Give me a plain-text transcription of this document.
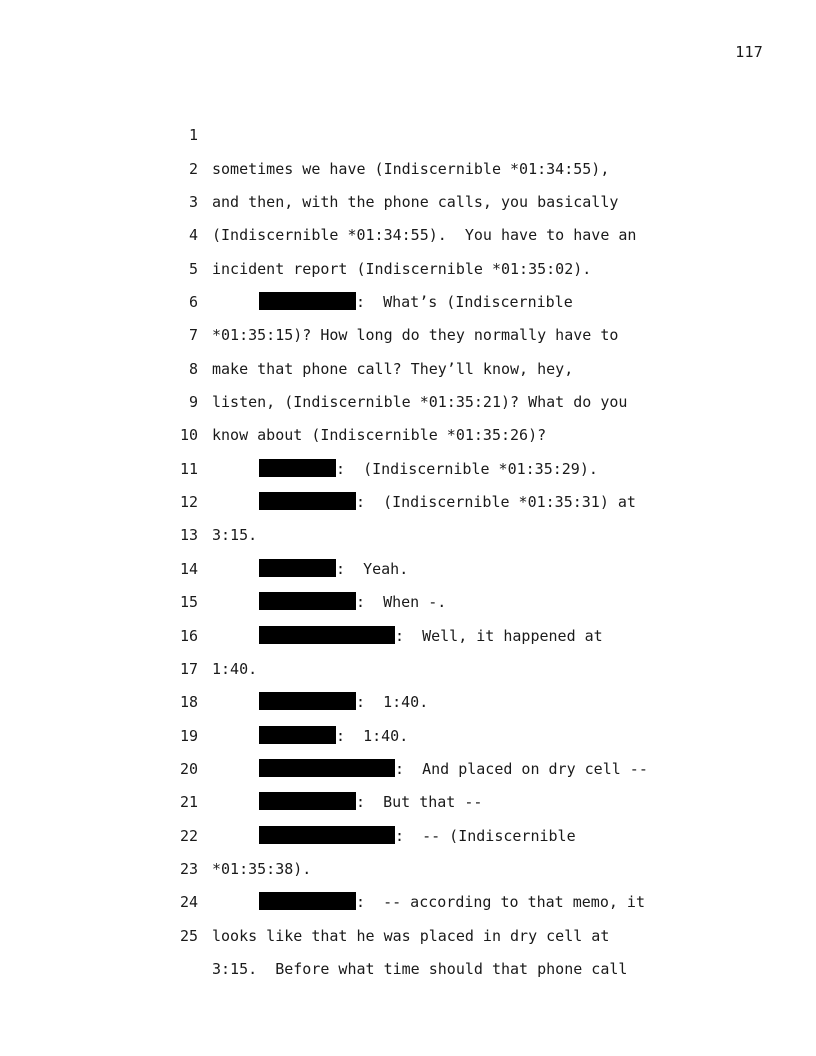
117

1

sometimes we have (Indiscernible *01:34:55),

2

and then, with the phone calls, you basically

3

(Indiscernible *01:34:55).  You have to have an

4

incident report (Indiscernible *01:35:02).

5

:  What’s (Indiscernible

6

*01:35:15)? How long do they normally have to

7

make that phone call? They’ll know, hey,

8

listen, (Indiscernible *01:35:21)? What do you

9

know about (Indiscernible *01:35:26)?

10

:  (Indiscernible *01:35:29).

11

:  (Indiscernible *01:35:31) at

12

3:15.

13

:  Yeah.

14

:  When -.

15

:  Well, it happened at

16

1:40.

17

:  1:40.

18

:  1:40.

19

:  And placed on dry cell --

20

:  But that --

21

:  -- (Indiscernible

22

*01:35:38).

23

:  -- according to that memo, it

24

looks like that he was placed in dry cell at

25

3:15.  Before what time should that phone call
